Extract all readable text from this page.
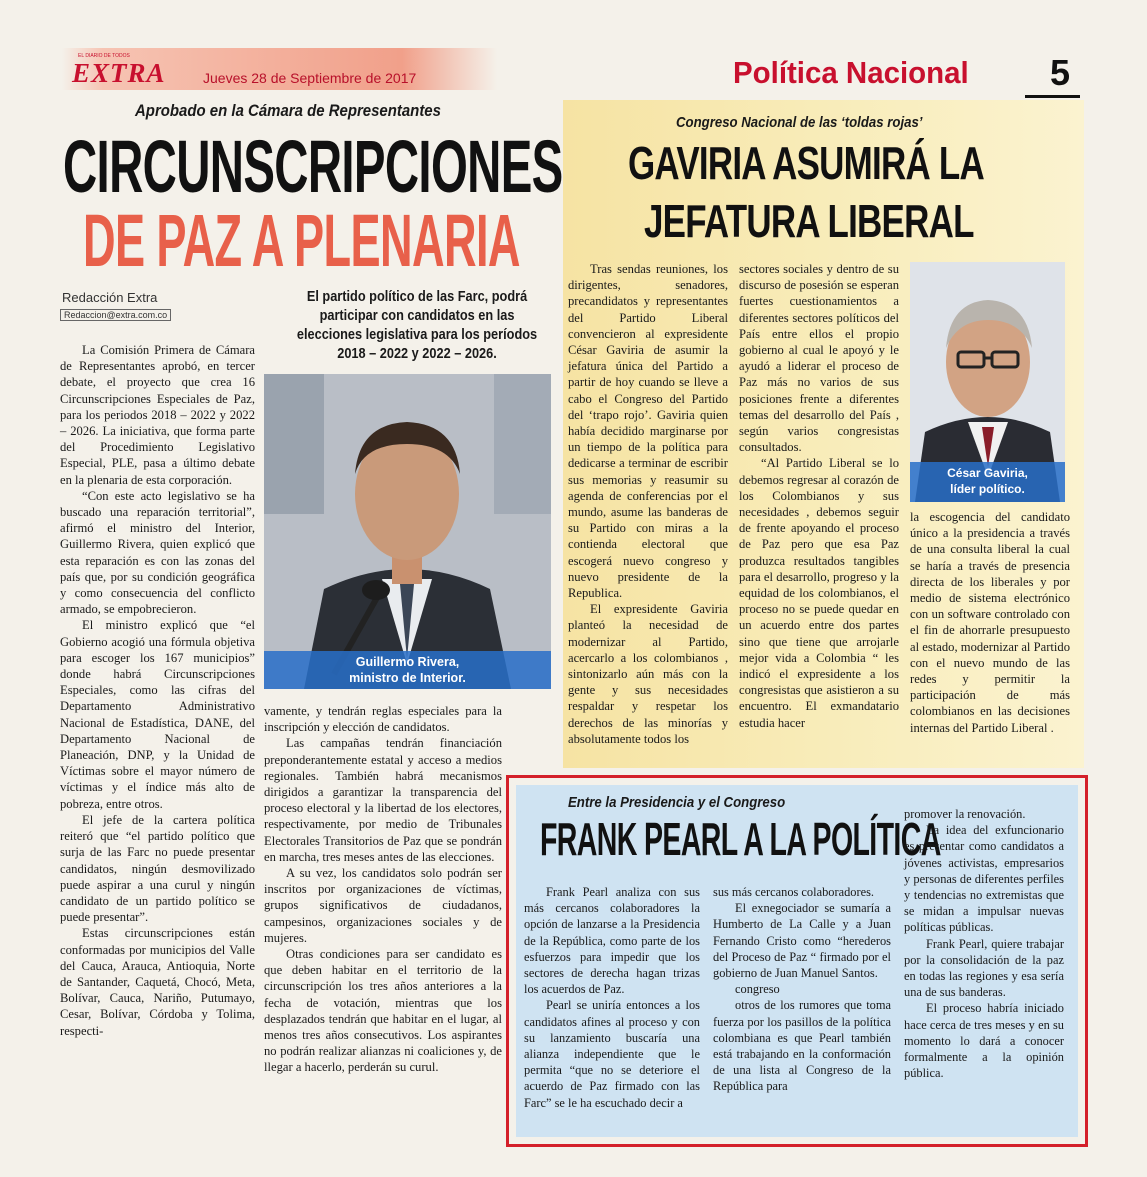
EL DIARIO DE TODOS
EXTRA	Jueves 28 de Septiembre de 2017	Política Nacional 5
Aprobado en la Cámara de Representantes
CIRCUNSCRIPCIONES
DE PAZ A PLENARIA
Redacción Extra
Redaccion@extra.com.co
El partido político de las Farc, podrá participar con candidatos en las elecciones legislativa para los períodos 2018 – 2022 y 2022 – 2026.
Guillermo Rivera,
ministro de Interior.

La Comisión Primera de Cámara de Representantes aprobó, en tercer debate, el proyecto que crea 16 Circunscripciones Especiales de Paz, para los periodos 2018 – 2022 y 2022 – 2026. La iniciativa, que forma parte del Procedimiento Legislativo Especial, PLE, pasa a último debate en la plenaria de esta corporación.

“Con este acto legislativo se ha buscado una reparación territorial”, afirmó el ministro del Interior, Guillermo Rivera, quien explicó que esta reparación es con las zonas del país que, por su condición geográfica y como consecuencia del conflicto armado, se empobrecieron.

El ministro explicó que “el Gobierno acogió una fórmula objetiva para escoger los 167 municipios” donde habrá Circunscripciones Especiales, como las cifras del Departamento Administrativo Nacional de Estadística, DANE, del Departamento Nacional de Planeación, DNP, y la Unidad de Víctimas sobre el mayor número de víctimas y el índice más alto de pobreza, entre otros.

El jefe de la cartera política reiteró que “el partido político que surja de las Farc no puede presentar candidatos, ningún desmovilizado puede aspirar a una curul y ningún candidato de un partido político se puede presentar”.

Estas circunscripciones están conformadas por municipios del Valle del Cauca, Arauca, Antioquia, Norte de Santander, Caquetá, Chocó, Meta, Bolívar, Cauca, Nariño, Putumayo, Cesar, Bolívar, Córdoba y Tolima, respecti-

vamente, y tendrán reglas especiales para la inscripción y elección de candidatos.

Las campañas tendrán financiación preponderantemente estatal y acceso a medios regionales. También habrá mecanismos dirigidos a garantizar la transparencia del proceso electoral y la libertad de los electores, respectivamente, por medio de Tribunales Electorales Transitorios de Paz que se pondrán en marcha, tres meses antes de las elecciones.

A su vez, los candidatos solo podrán ser inscritos por organizaciones de víctimas, grupos significativos de ciudadanos, campesinos, organizaciones sociales y de mujeres.

Otras condiciones para ser candidato es que deben habitar en el territorio de la circunscripción los tres años anteriores a la fecha de votación, mientras que los desplazados tendrán que habitar en el lugar, al menos tres años consecutivos. Los aspirantes no podrán realizar alianzas ni coaliciones y, de llegar a hacerlo, perderán su curul.

Congreso Nacional de las ‘toldas rojas’
GAVIRIA ASUMIRÁ LA
JEFATURA LIBERAL
César Gaviria,
líder político.

Tras sendas reuniones, los dirigentes, senadores, precandidatos y representantes del Partido Liberal convencieron al expresidente César Gaviria de asumir la jefatura única del Partido a partir de hoy cuando se lleve a cabo el Congreso del Partido del ‘trapo rojo’. Gaviria quien había decidido marginarse por un tiempo de la política para dedicarse a terminar de escribir sus memorias y reasumir su agenda de conferencias por el mundo, asume las banderas de su Partido con miras a la contienda electoral que escogerá nuevo congreso y nuevo presidente de la Republica.

El expresidente Gaviria planteó la necesidad de modernizar al Partido, acercarlo a los colombianos , sintonizarlo aún más con la gente y sus necesidades respaldar y respetar los derechos de las minorías y absolutamente todos los

sectores sociales y dentro de su discurso de posesión se esperan fuertes cuestionamientos a diferentes sectores políticos del País entre ellos el propio gobierno al cual le apoyó y le ayudó a liderar el proceso de Paz más no varios de sus posiciones frente a diferentes temas del desarrollo del País , según varios congresistas consultados.

“Al Partido Liberal se lo debemos regresar al corazón de los Colombianos y sus necesidades , debemos seguir de frente apoyando el proceso de Paz pero que esa Paz produzca resultados tangibles para el desarrollo, progreso y la equidad de los colombianos, el proceso no se puede quedar en un acuerdo entre dos partes sino que tiene que arrojarle mejor vida a Colombia “ les indicó el expresidente a los congresistas que asistieron a su encuentro. El exmandatario estudia hacer

la escogencia del candidato único a la presidencia a través de una consulta liberal la cual se haría a través de presencia directa de los liberales y por medio de sistema electrónico con un software controlado con el fin de ahorrarle presupuesto al estado, modernizar al Partido con el nuevo mundo de las redes y permitir la participación de más colombianos en las decisiones internas del Partido Liberal .

Entre la Presidencia y el Congreso
FRANK PEARL A LA POLÍTICA

Frank Pearl analiza con sus más cercanos colaboradores la opción de lanzarse a la Presidencia de la República, como parte de los esfuerzos para impedir que los sectores de derecha hagan trizas los acuerdos de Paz.

Pearl se uniría entonces a los candidatos afines al proceso y con su lanzamiento buscaría una alianza independiente que le permita “que no se deteriore el acuerdo de Paz firmado con las Farc” se le ha escuchado decir a

sus más cercanos colaboradores.

El exnegociador se sumaría a Humberto de La Calle y a Juan Fernando Cristo como “herederos del Proceso de Paz “ firmado por el gobierno de Juan Manuel Santos.

congreso

otros de los rumores que toma fuerza por los pasillos de la política colombiana es que Pearl también está trabajando en la conformación de una lista al Congreso de la República para

promover la renovación.

La idea del exfuncionario es presentar como candidatos a jóvenes activistas, empresarios y personas de diferentes perfiles y tendencias no extremistas que se midan a impulsar nuevas políticas públicas.

Frank Pearl, quiere trabajar por la consolidación de la paz en todas las regiones y esa sería una de sus banderas.

El proceso habría iniciado hace cerca de tres meses y en su momento lo dará a conocer formalmente a la opinión pública.
